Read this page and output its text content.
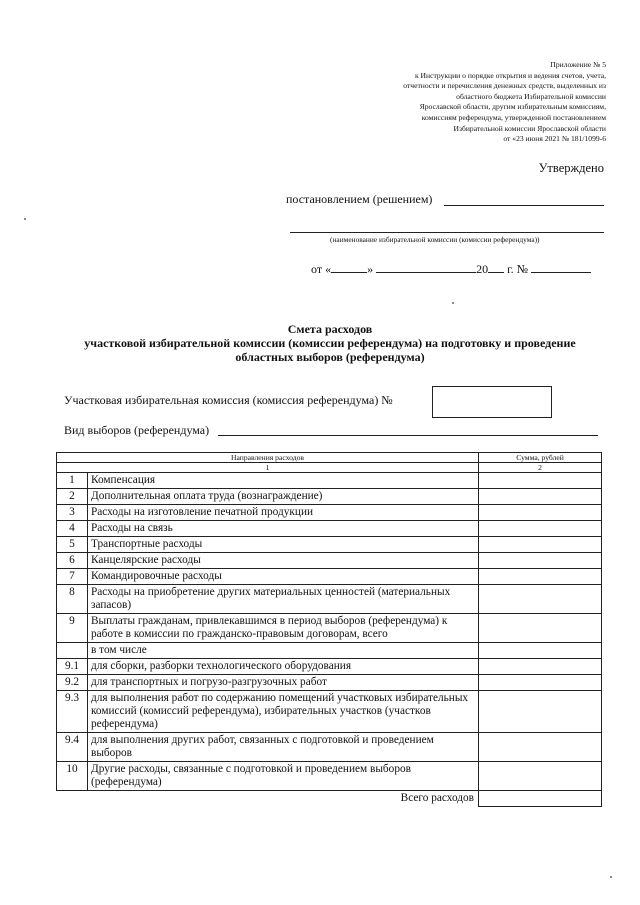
Приложение № 5
к Инструкции о порядке открытия и ведения счетов, учета,
отчетности и перечисления денежных средств, выделенных из
областного бюджета Избирательной комиссии
Ярославской области, другим избирательным комиссиям,
комиссиям референдума, утвержденной постановлением
Избирательной комиссии Ярославской области
от «23 июня 2021 № 181/1099-6
Утверждено
постановлением (решением)
(наименование избирательной комиссии (комиссии референдума))
от «	»	20 г. №
Смета расходов
участковой избирательной комиссии (комиссии референдума) на подготовку и проведение
областных выборов (референдума)
Участковая избирательная комиссия (комиссия референдума) №
Вид выборов (референдума)
Направления расходов		Сумма, рублей
1		2
1	Компенсация	
2	Дополнительная оплата труда (вознаграждение)	
3	Расходы на изготовление печатной продукции	
4	Расходы на связь	
5	Транспортные расходы	
6	Канцелярские расходы	
7	Командировочные расходы	
8	Расходы на приобретение других материальных ценностей (материальных запасов)	
9	Выплаты гражданам, привлекавшимся в период выборов (референдума) к работе в комиссии по гражданско-правовым договорам, всего	
	в том числе	
9.1	для сборки, разборки технологического оборудования	
9.2	для транспортных и погрузо-разгрузочных работ	
9.3	для выполнения работ по содержанию помещений участковых избирательных комиссий (комиссий референдума), избирательных участков (участков референдума)	
9.4	для выполнения других работ, связанных с подготовкой и проведением выборов	
10	Другие расходы, связанные с подготовкой и проведением выборов (референдума)	
Всего расходов		
